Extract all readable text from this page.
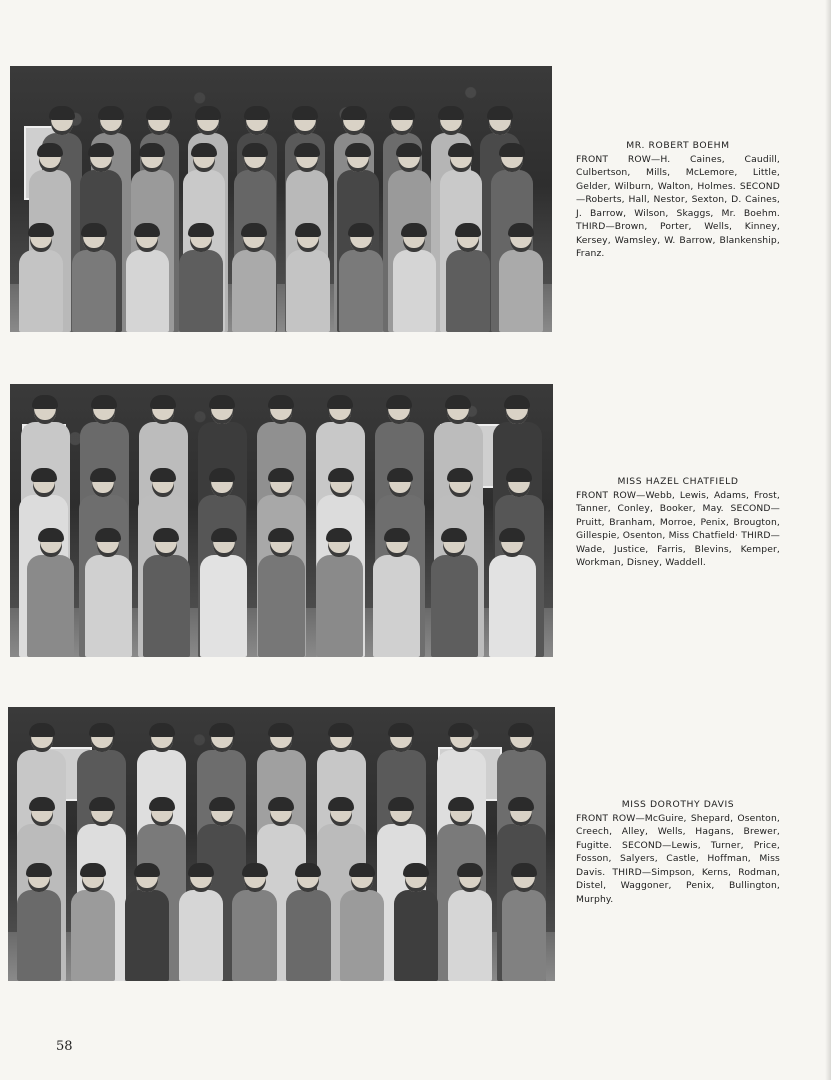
MR. ROBERT BOEHM
FRONT ROW—H. Caines, Caudill, Culbertson, Mills, McLemore, Little, Gelder, Wilburn, Walton, Holmes. SECOND—Roberts, Hall, Nestor, Sexton, D. Caines, J. Barrow, Wilson, Skaggs, Mr. Boehm. THIRD—Brown, Porter, Wells, Kinney, Kersey, Wamsley, W. Barrow, Blankenship, Franz.
MISS HAZEL CHATFIELD
FRONT ROW—Webb, Lewis, Adams, Frost, Tanner, Conley, Booker, May. SECOND—Pruitt, Branham, Morroe, Penix, Brougton, Gillespie, Osenton, Miss Chatfield· THIRD—Wade, Justice, Farris, Blevins, Kemper, Workman, Disney, Waddell.
MISS DOROTHY DAVIS
FRONT ROW—McGuire, Shepard, Osenton, Creech, Alley, Wells, Hagans, Brewer, Fugitte. SECOND—Lewis, Turner, Price, Fosson, Salyers, Castle, Hoffman, Miss Davis. THIRD—Simpson, Kerns, Rodman, Distel, Waggoner, Penix, Bullington, Murphy.
58
